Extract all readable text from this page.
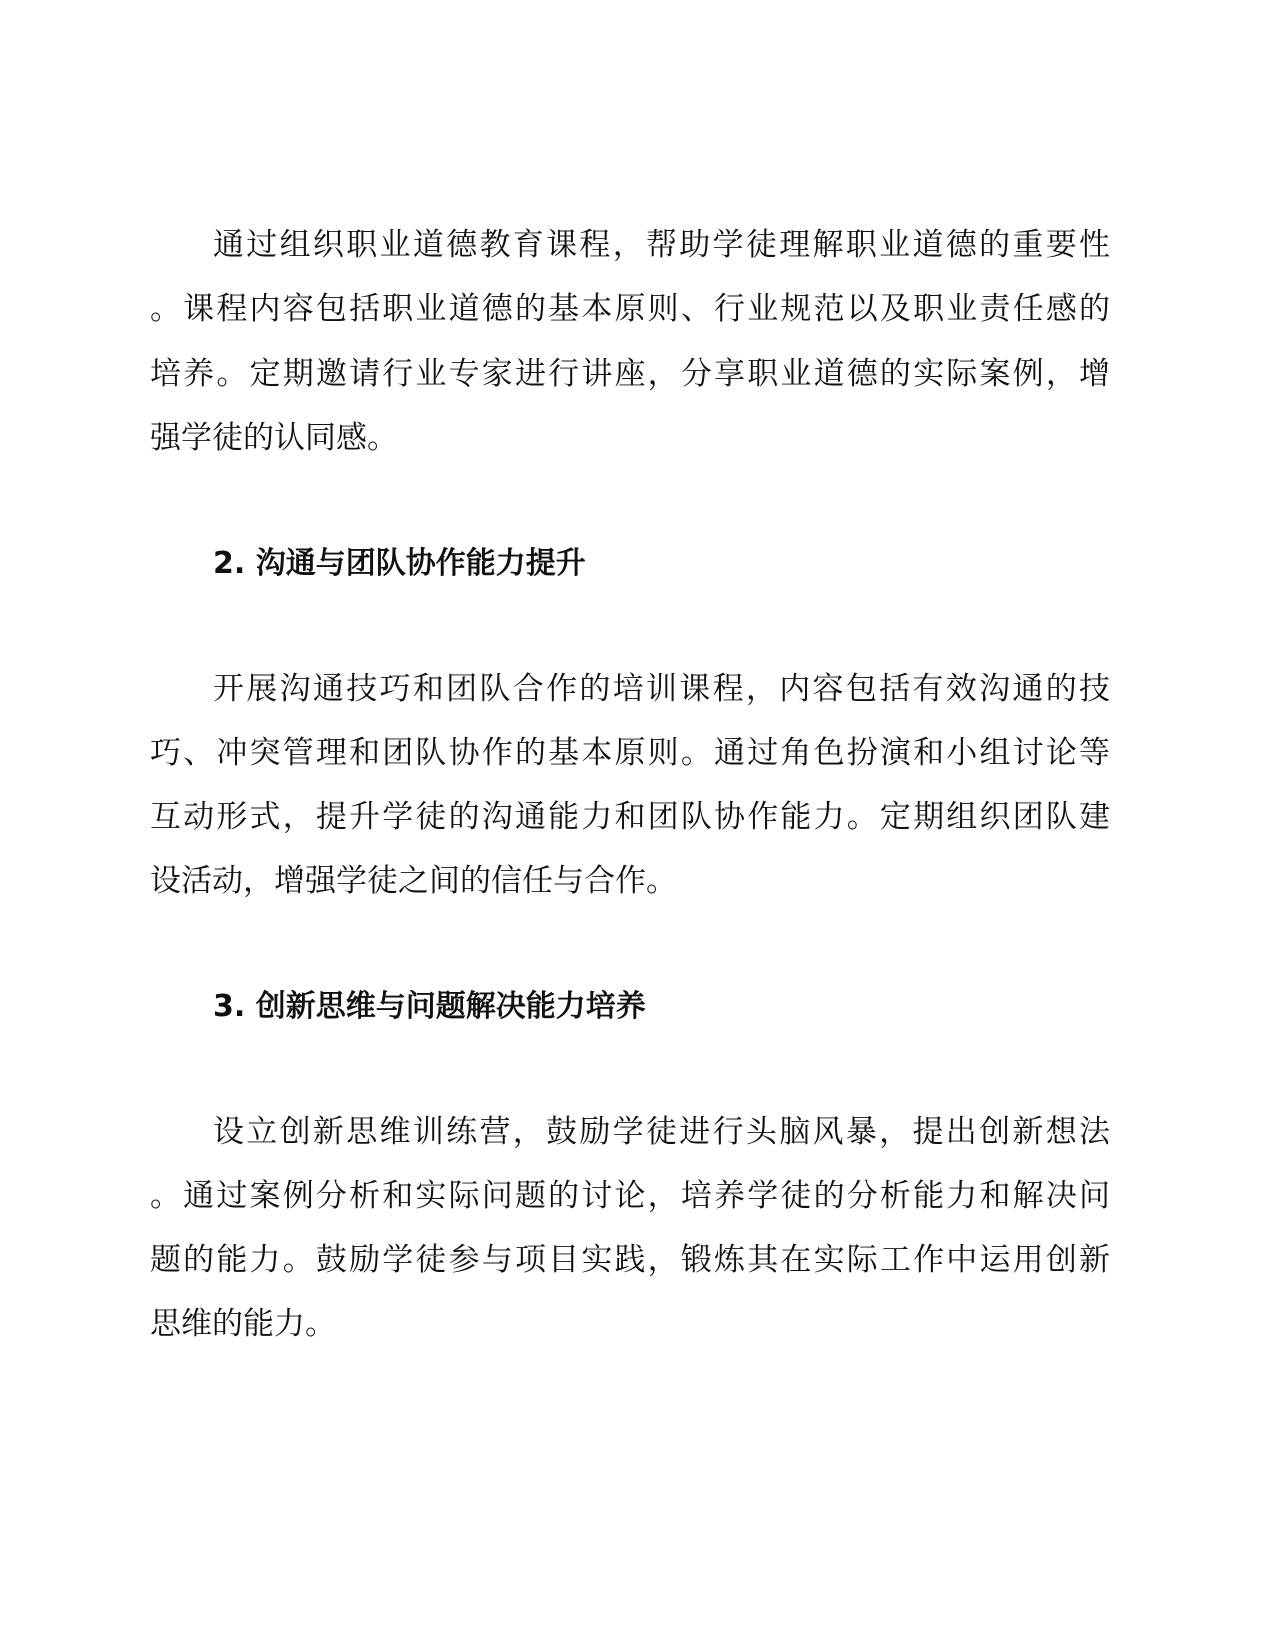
通过组织职业道德教育课程，帮助学徒理解职业道德的重要性
。课程内容包括职业道德的基本原则、行业规范以及职业责任感的
培养。定期邀请行业专家进行讲座，分享职业道德的实际案例，增
强学徒的认同感。
2. 沟通与团队协作能力提升
开展沟通技巧和团队合作的培训课程，内容包括有效沟通的技
巧、冲突管理和团队协作的基本原则。通过角色扮演和小组讨论等
互动形式，提升学徒的沟通能力和团队协作能力。定期组织团队建
设活动，增强学徒之间的信任与合作。
3. 创新思维与问题解决能力培养
设立创新思维训练营，鼓励学徒进行头脑风暴，提出创新想法
。通过案例分析和实际问题的讨论，培养学徒的分析能力和解决问
题的能力。鼓励学徒参与项目实践，锻炼其在实际工作中运用创新
思维的能力。
